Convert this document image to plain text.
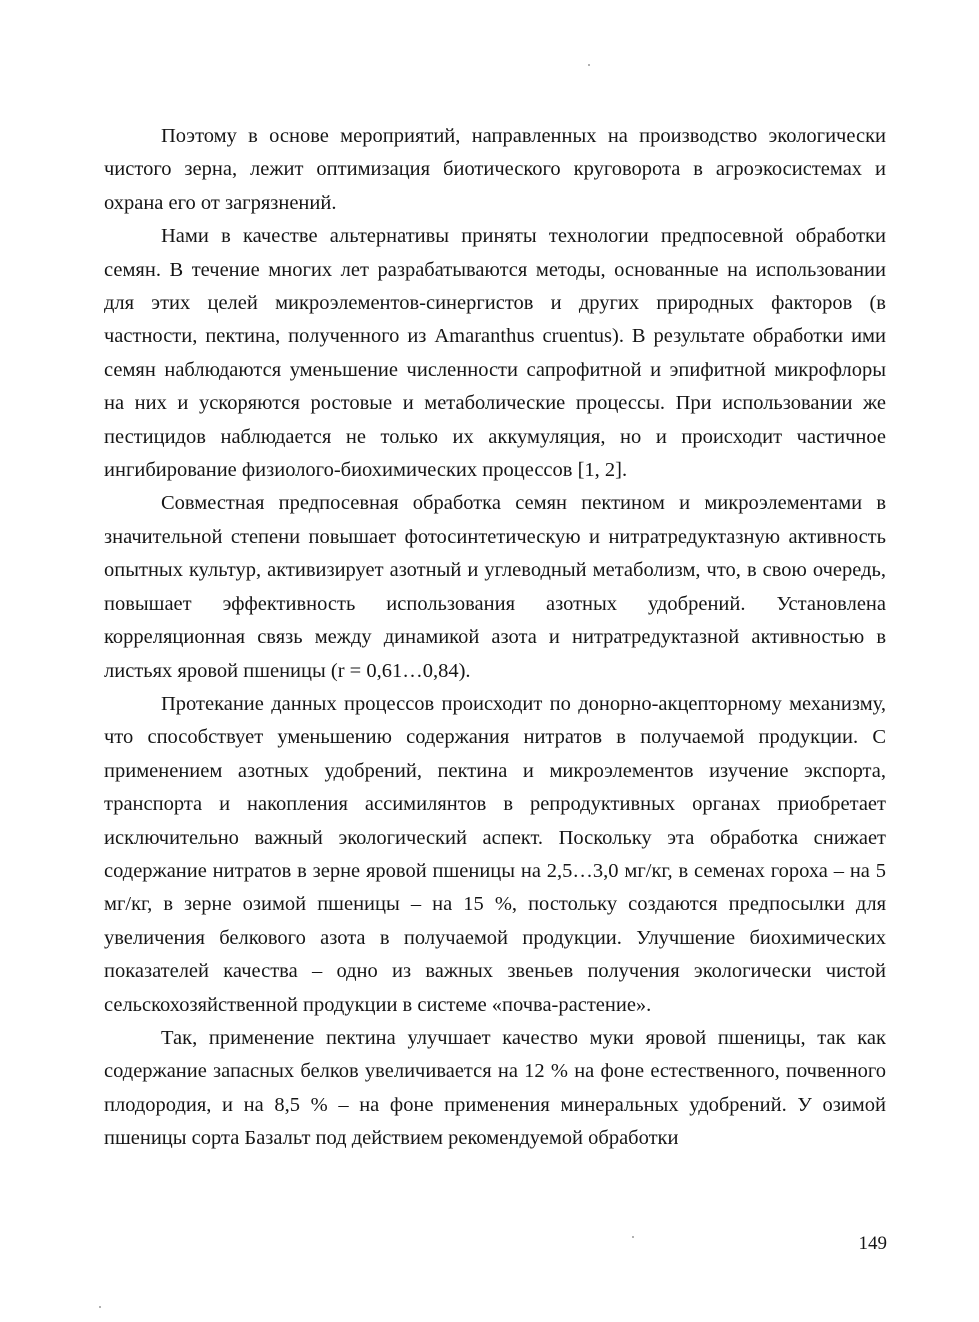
Поэтому в основе мероприятий, направленных на производство экологически чистого зерна, лежит оптимизация биотического круговорота в агроэкосистемах и охрана его от загрязнений.

Нами в качестве альтернативы приняты технологии предпосевной обработки семян. В течение многих лет разрабатываются методы, основанные на использовании для этих целей микроэлементов-синергистов и других природных факторов (в частности, пектина, полученного из Amaranthus cruentus). В результате обработки ими семян наблюдаются уменьшение численности сапрофитной и эпифитной микрофлоры на них и ускоряются ростовые и метаболические процессы. При использовании же пестицидов наблюдается не только их аккумуляция, но и происходит частичное ингибирование физиолого-биохимических процессов [1, 2].

Совместная предпосевная обработка семян пектином и микроэлементами в значительной степени повышает фотосинтетическую и нитратредуктазную активность опытных культур, активизирует азотный и углеводный метаболизм, что, в свою очередь, повышает эффективность использования азотных удобрений. Установлена корреляционная связь между динамикой азота и нитратредуктазной активностью в листьях яровой пшеницы (r = 0,61…0,84).

Протекание данных процессов происходит по донорно-акцепторному механизму, что способствует уменьшению содержания нитратов в получаемой продукции. С применением азотных удобрений, пектина и микроэлементов изучение экспорта, транспорта и накопления ассимилянтов в репродуктивных органах приобретает исключительно важный экологический аспект. Поскольку эта обработка снижает содержание нитратов в зерне яровой пшеницы на 2,5…3,0 мг/кг, в семенах гороха – на 5 мг/кг, в зерне озимой пшеницы – на 15 %, постольку создаются предпосылки для увеличения белкового азота в получаемой продукции. Улучшение биохимических показателей качества – одно из важных звеньев получения экологически чистой сельскохозяйственной продукции в системе «почва-растение».

Так, применение пектина улучшает качество муки яровой пшеницы, так как содержание запасных белков увеличивается на 12 % на фоне естественного, почвенного плодородия, и на 8,5 % – на фоне применения минеральных удобрений. У озимой пшеницы сорта Базальт под действием рекомендуемой обработки

149
